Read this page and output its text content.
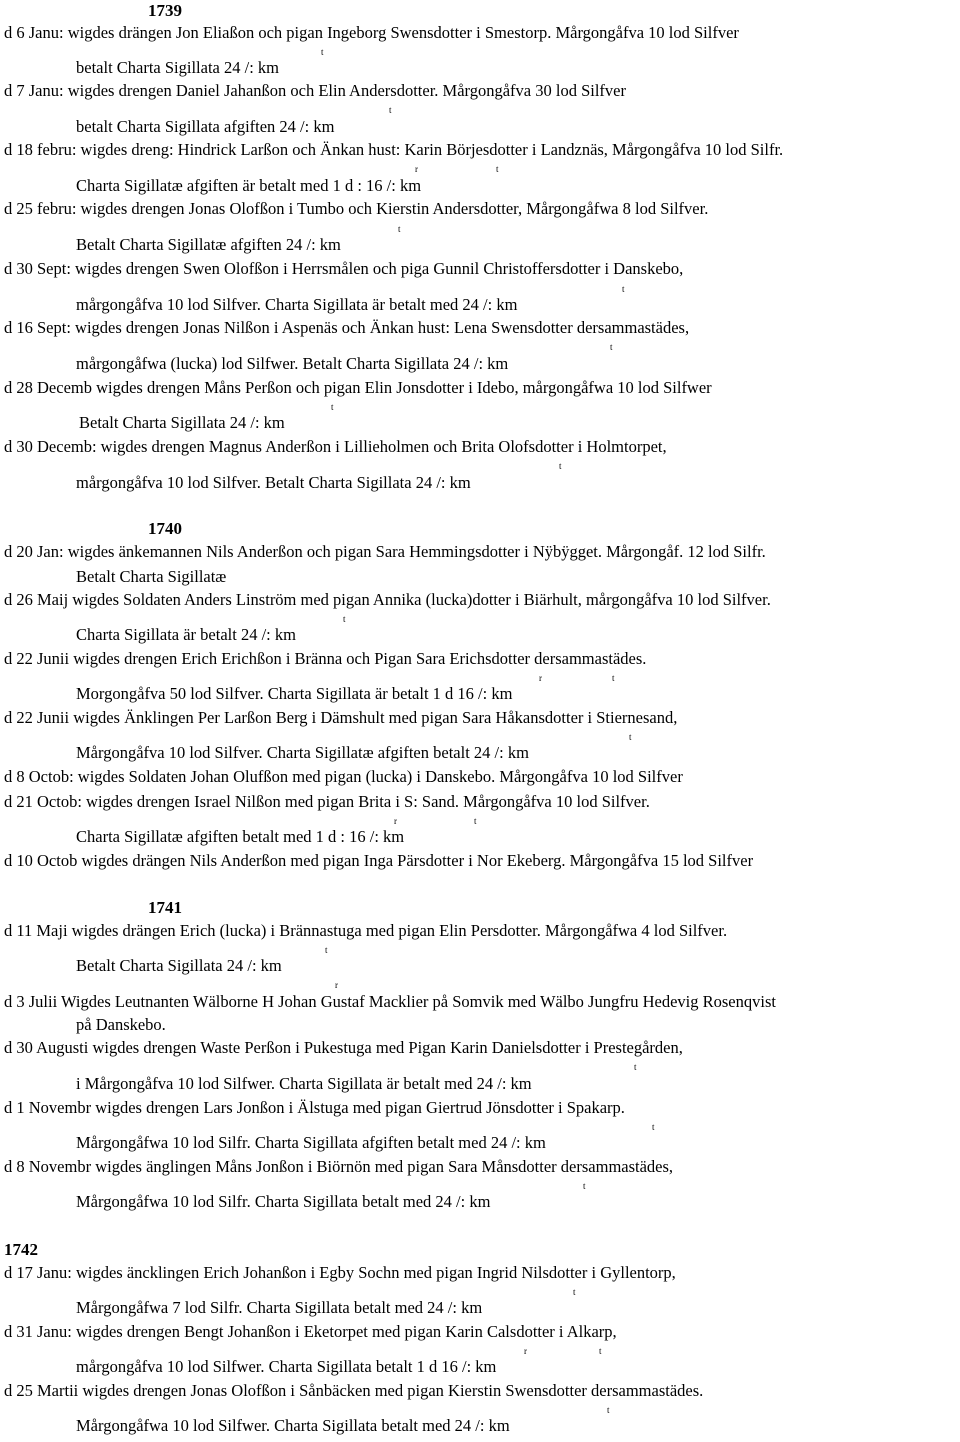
1739
d 6 Janu: wigdes drängen Jon Eliaßon och pigan Ingeborg Swensdotter i Smestorp. Mårgongåfva 10 lod Silfver
t
betalt Charta Sigillata 24 /: km
d 7 Janu: wigdes drengen Daniel Jahanßon och Elin Andersdotter. Mårgongåfva 30 lod Silfver
t
betalt Charta Sigillata afgiften 24 /: km
d 18 febru: wigdes dreng: Hindrick Larßon och Änkan hust: Karin Börjesdotter i Landznäs, Mårgongåfva 10 lod Silfr.
r	t
Charta Sigillatæ afgiften är betalt med 1 d : 16 /: km
d 25 febru: wigdes drengen Jonas Olofßon i Tumbo och Kierstin Andersdotter, Mårgongåfwa 8 lod Silfver.
t
Betalt Charta Sigillatæ afgiften 24 /: km
d 30 Sept: wigdes drengen Swen Olofßon i Herrsmålen och piga Gunnil Christoffersdotter i Danskebo,
t
mårgongåfva 10 lod Silfver. Charta Sigillata är betalt med 24 /: km
d 16 Sept: wigdes drengen Jonas Nilßon i Aspenäs och Änkan hust: Lena Swensdotter dersammastädes,
t
mårgongåfwa (lucka) lod Silfwer. Betalt Charta Sigillata 24 /: km
d 28 Decemb wigdes drengen Måns Perßon och pigan Elin Jonsdotter i Idebo, mårgongåfwa 10 lod Silfwer
t
Betalt Charta Sigillata 24 /: km
d 30 Decemb: wigdes drengen Magnus Anderßon i Lillieholmen och Brita Olofsdotter i Holmtorpet,
t
mårgongåfva 10 lod Silfver. Betalt Charta Sigillata 24 /: km
1740
d 20 Jan: wigdes änkemannen Nils Anderßon och pigan Sara Hemmingsdotter i Nÿbÿgget. Mårgongåf. 12 lod Silfr.
Betalt Charta Sigillatæ
d 26 Maij wigdes Soldaten Anders Linström med pigan Annika (lucka)dotter i Biärhult, mårgongåfva 10 lod Silfver.
t
Charta Sigillata är betalt 24 /: km
d 22 Junii wigdes drengen Erich Erichßon i Bränna och Pigan Sara Erichsdotter dersammastädes.
r	t
Morgongåfva 50 lod Silfver. Charta Sigillata är betalt 1 d 16 /: km
d 22 Junii wigdes Änklingen Per Larßon Berg i Dämshult med pigan Sara Håkansdotter i Stiernesand,
t
Mårgongåfva 10 lod Silfver. Charta Sigillatæ afgiften betalt 24 /: km
d 8 Octob: wigdes Soldaten Johan Olufßon med pigan (lucka) i Danskebo. Mårgongåfva 10 lod Silfver
d 21 Octob: wigdes drengen Israel Nilßon med pigan Brita i S: Sand. Mårgongåfva 10 lod Silfver.
r	t
Charta Sigillatæ afgiften betalt med 1 d : 16 /: km
d 10 Octob wigdes drängen Nils Anderßon med pigan Inga Pärsdotter i Nor Ekeberg. Mårgongåfva 15 lod Silfver
1741
d 11 Maji wigdes drängen Erich (lucka) i Brännastuga med pigan Elin Persdotter. Mårgongåfwa 4 lod Silfver.
t
Betalt Charta Sigillata 24 /: km
r
d 3 Julii Wigdes Leutnanten Wälborne H Johan Gustaf Macklier på Somvik med Wälbo Jungfru Hedevig Rosenqvist
på Danskebo.
d 30 Augusti wigdes drengen Waste Perßon i Pukestuga med Pigan Karin Danielsdotter i Prestegården,
t
i Mårgongåfva 10 lod Silfwer. Charta Sigillata är betalt med 24 /: km
d 1 Novembr wigdes drengen Lars Jonßon i Älstuga med pigan Giertrud Jönsdotter i Spakarp.
t
Mårgongåfwa 10 lod Silfr. Charta Sigillata afgiften betalt med 24 /: km
d 8 Novembr wigdes änglingen Måns Jonßon i Biörnön med pigan Sara Månsdotter dersammastädes,
t
Mårgongåfwa 10 lod Silfr. Charta Sigillata betalt med 24 /: km
1742
d 17 Janu: wigdes äncklingen Erich Johanßon i Egby Sochn med pigan Ingrid Nilsdotter i Gyllentorp,
t
Mårgongåfwa 7 lod Silfr. Charta Sigillata betalt med 24 /: km
d 31 Janu: wigdes drengen Bengt Johanßon i Eketorpet med pigan Karin Calsdotter i Alkarp,
r	t
mårgongåfva 10 lod Silfwer. Charta Sigillata betalt 1 d 16 /: km
d 25 Martii wigdes drengen Jonas Olofßon i Sånbäcken med pigan Kierstin Swensdotter dersammastädes.
t
Mårgongåfwa 10 lod Silfwer. Charta Sigillata betalt med 24 /: km
